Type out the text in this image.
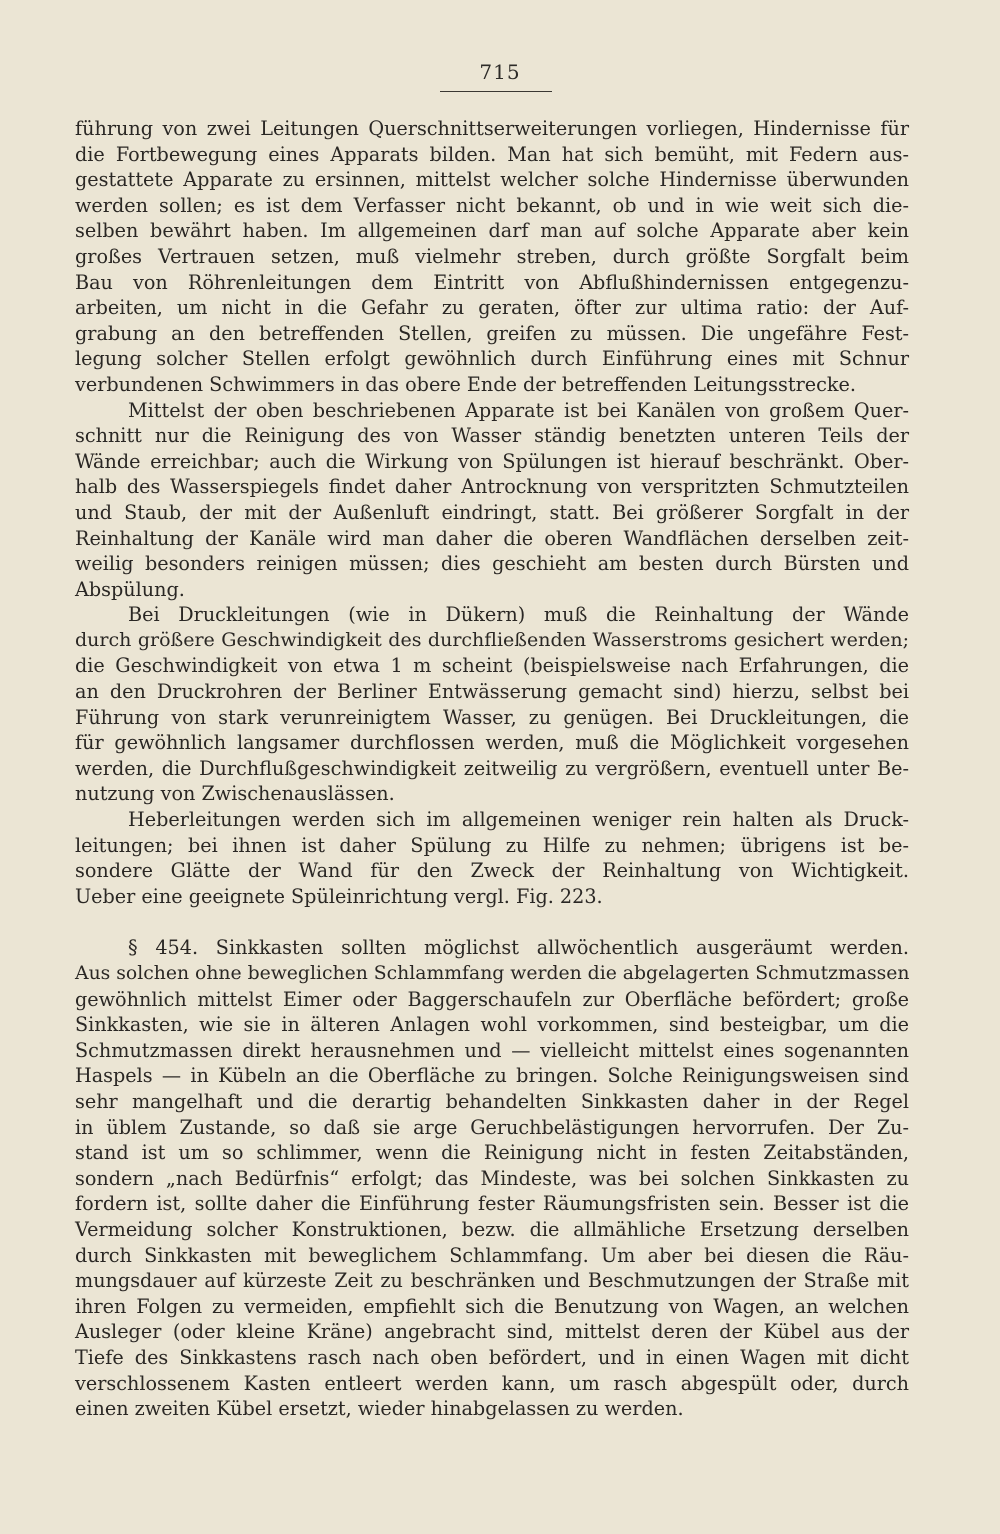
715
führung von zwei Leitungen Querschnittserweiterungen vorliegen, Hindernisse für
die Fortbewegung eines Apparats bilden. Man hat sich bemüht, mit Federn aus-
gestattete Apparate zu ersinnen, mittelst welcher solche Hindernisse überwunden
werden sollen; es ist dem Verfasser nicht bekannt, ob und in wie weit sich die-
selben bewährt haben. Im allgemeinen darf man auf solche Apparate aber kein
großes Vertrauen setzen, muß vielmehr streben, durch größte Sorgfalt beim
Bau von Röhrenleitungen dem Eintritt von Abflußhindernissen entgegenzu-
arbeiten, um nicht in die Gefahr zu geraten, öfter zur ultima ratio: der Auf-
grabung an den betreffenden Stellen, greifen zu müssen. Die ungefähre Fest-
legung solcher Stellen erfolgt gewöhnlich durch Einführung eines mit Schnur
verbundenen Schwimmers in das obere Ende der betreffenden Leitungsstrecke.
Mittelst der oben beschriebenen Apparate ist bei Kanälen von großem Quer-
schnitt nur die Reinigung des von Wasser ständig benetzten unteren Teils der
Wände erreichbar; auch die Wirkung von Spülungen ist hierauf beschränkt. Ober-
halb des Wasserspiegels findet daher Antrocknung von verspritzten Schmutzteilen
und Staub, der mit der Außenluft eindringt, statt. Bei größerer Sorgfalt in der
Reinhaltung der Kanäle wird man daher die oberen Wandflächen derselben zeit-
weilig besonders reinigen müssen; dies geschieht am besten durch Bürsten und
Abspülung.
Bei Druckleitungen (wie in Dükern) muß die Reinhaltung der Wände
durch größere Geschwindigkeit des durchfließenden Wasserstroms gesichert werden;
die Geschwindigkeit von etwa 1 m scheint (beispielsweise nach Erfahrungen, die
an den Druckrohren der Berliner Entwässerung gemacht sind) hierzu, selbst bei
Führung von stark verunreinigtem Wasser, zu genügen. Bei Druckleitungen, die
für gewöhnlich langsamer durchflossen werden, muß die Möglichkeit vorgesehen
werden, die Durchflußgeschwindigkeit zeitweilig zu vergrößern, eventuell unter Be-
nutzung von Zwischenauslässen.
Heberleitungen werden sich im allgemeinen weniger rein halten als Druck-
leitungen; bei ihnen ist daher Spülung zu Hilfe zu nehmen; übrigens ist be-
sondere Glätte der Wand für den Zweck der Reinhaltung von Wichtigkeit.
Ueber eine geeignete Spüleinrichtung vergl. Fig. 223.
§ 454. Sinkkasten sollten möglichst allwöchentlich ausgeräumt werden.
Aus solchen ohne beweglichen Schlammfang werden die abgelagerten Schmutzmassen
gewöhnlich mittelst Eimer oder Baggerschaufeln zur Oberfläche befördert; große
Sinkkasten, wie sie in älteren Anlagen wohl vorkommen, sind besteigbar, um die
Schmutzmassen direkt herausnehmen und — vielleicht mittelst eines sogenannten
Haspels — in Kübeln an die Oberfläche zu bringen. Solche Reinigungsweisen sind
sehr mangelhaft und die derartig behandelten Sinkkasten daher in der Regel
in üblem Zustande, so daß sie arge Geruchbelästigungen hervorrufen. Der Zu-
stand ist um so schlimmer, wenn die Reinigung nicht in festen Zeitabständen,
sondern „nach Bedürfnis“ erfolgt; das Mindeste, was bei solchen Sinkkasten zu
fordern ist, sollte daher die Einführung fester Räumungsfristen sein. Besser ist die
Vermeidung solcher Konstruktionen, bezw. die allmähliche Ersetzung derselben
durch Sinkkasten mit beweglichem Schlammfang. Um aber bei diesen die Räu-
mungsdauer auf kürzeste Zeit zu beschränken und Beschmutzungen der Straße mit
ihren Folgen zu vermeiden, empfiehlt sich die Benutzung von Wagen, an welchen
Ausleger (oder kleine Kräne) angebracht sind, mittelst deren der Kübel aus der
Tiefe des Sinkkastens rasch nach oben befördert, und in einen Wagen mit dicht
verschlossenem Kasten entleert werden kann, um rasch abgespült oder, durch
einen zweiten Kübel ersetzt, wieder hinabgelassen zu werden.
